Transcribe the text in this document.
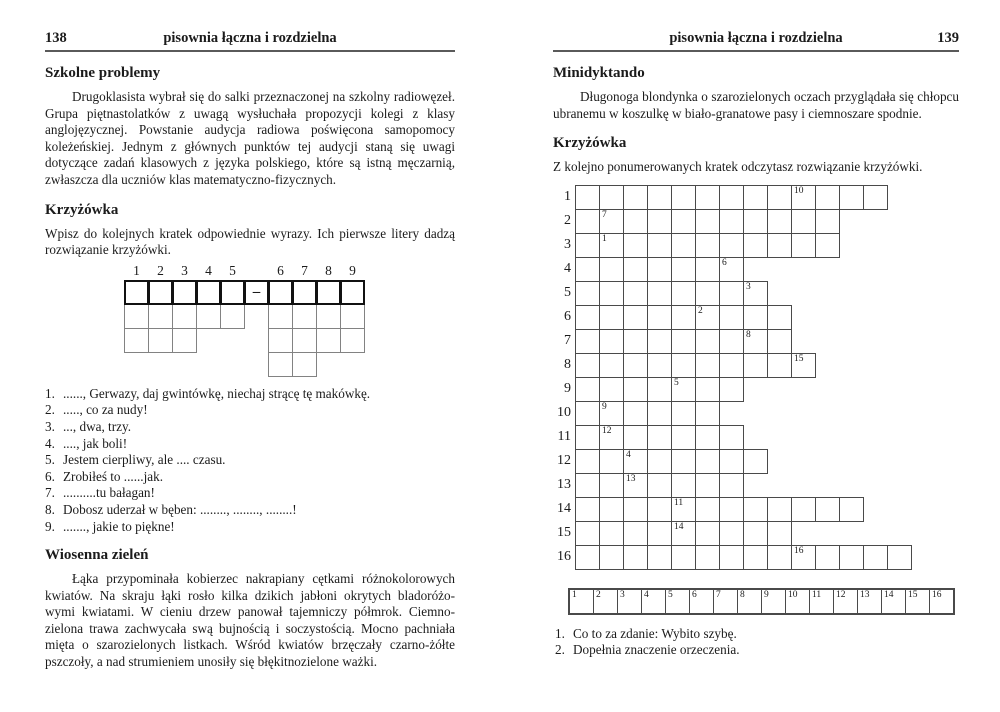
138	pisownia łączna i rozdzielna
Szkolne problemy
Drugoklasista wybrał się do salki przeznaczonej na szkolny radiowęzeł.
Grupa piętnastolatków z uwagą wysłuchała propozycji kolegi z klasy
anglojęzycznej. Powstanie audycja radiowa poświęcona samopomocy
koleżeńskiej. Jednym z głównych punktów tej audycji staną się uwagi
dotyczące zadań klasowych z języka polskiego, które są istną męczarnią,
zwłaszcza dla uczniów klas matematyczno-fizycznych.
Krzyżówka
Wpisz do kolejnych kratek odpowiednie wyrazy. Ich pierwsze litery dadzą
rozwiązanie krzyżówki.
1	2	3	4	5	6	7	8	9
–
1. ......, Gerwazy, daj gwintówkę, niechaj strącę tę makówkę.
2. ....., co za nudy!
3. ..., dwa, trzy.
4. ...., jak boli!
5. Jestem cierpliwy, ale .... czasu.
6. Zrobiłeś to ......jak.
7. ..........tu bałagan!
8. Dobosz uderzał w bęben: ........, ........, ........!
9. ......., jakie to piękne!
Wiosenna zieleń
Łąka przypominała kobierzec nakrapiany cętkami różnokolorowych
kwiatów. Na skraju łąki rosło kilka dzikich jabłoni okrytych bladoróżo-
wymi kwiatami. W cieniu drzew panował tajemniczy półmrok. Ciemno-
zielona trawa zachwycała swą bujnością i soczystością. Mocno pachniała
mięta o szarozielonych listkach. Wśród kwiatów brzęczały czarno-żółte
pszczoły, a nad strumieniem unosiły się błękitnozielone ważki.
pisownia łączna i rozdzielna	139
Minidyktando
Długonoga blondynka o szarozielonych oczach przyglądała się chłopcu
ubranemu w koszulkę w biało-granatowe pasy i ciemnoszare spodnie.
Krzyżówka
Z kolejno ponumerowanych kratek odczytasz rozwiązanie krzyżówki.
1	10
2	7
3	1
4	6
5	3
6	2
7	8
8	15
9	5
10	9
11	12
12	4
13	13
14	11
15	14
16	16
1 2 3 4 5 6 7 8 9 10 11 12 13 14 15 16
1. Co to za zdanie: Wybito szybę.
2. Dopełnia znaczenie orzeczenia.
